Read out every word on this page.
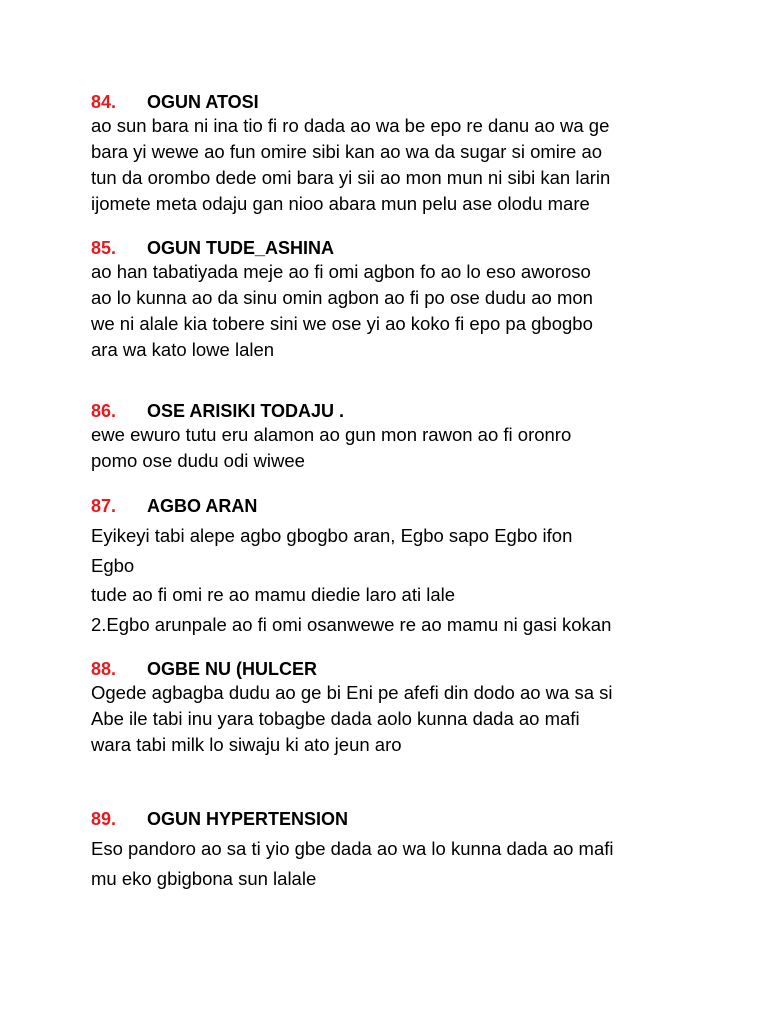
84. OGUN ATOSI
ao sun bara ni ina tio fi ro dada ao wa be epo re danu ao wa ge
bara yi wewe ao fun omire sibi kan ao wa da sugar si omire ao
tun da orombo dede omi bara yi sii ao mon mun ni sibi kan larin
ijomete meta odaju gan nioo abara mun pelu ase olodu mare
85. OGUN TUDE_ASHINA
ao han tabatiyada meje ao fi omi agbon fo ao lo eso aworoso
ao lo kunna ao da sinu omin agbon ao fi po ose dudu ao mon
we ni alale kia tobere sini we ose yi ao koko fi epo pa gbogbo
ara wa kato lowe lalen
86. OSE ARISIKI TODAJU .
ewe ewuro tutu eru alamon ao gun mon rawon ao fi oronro
pomo ose dudu odi wiwee
87. AGBO ARAN
Eyikeyi tabi alepe agbo gbogbo aran, Egbo sapo Egbo ifon
Egbo
tude ao fi omi re ao mamu diedie laro ati lale
2.Egbo arunpale ao fi omi osanwewe re ao mamu ni gasi kokan
88. OGBE NU (HULCER
Ogede agbagba dudu ao ge bi Eni pe afefi din dodo ao wa sa si
Abe ile tabi inu yara tobagbe dada aolo kunna dada ao mafi
wara tabi milk lo siwaju ki ato jeun aro
89. OGUN HYPERTENSION
Eso pandoro ao sa ti yio gbe dada ao wa lo kunna dada ao mafi
mu eko gbigbona sun lalale
